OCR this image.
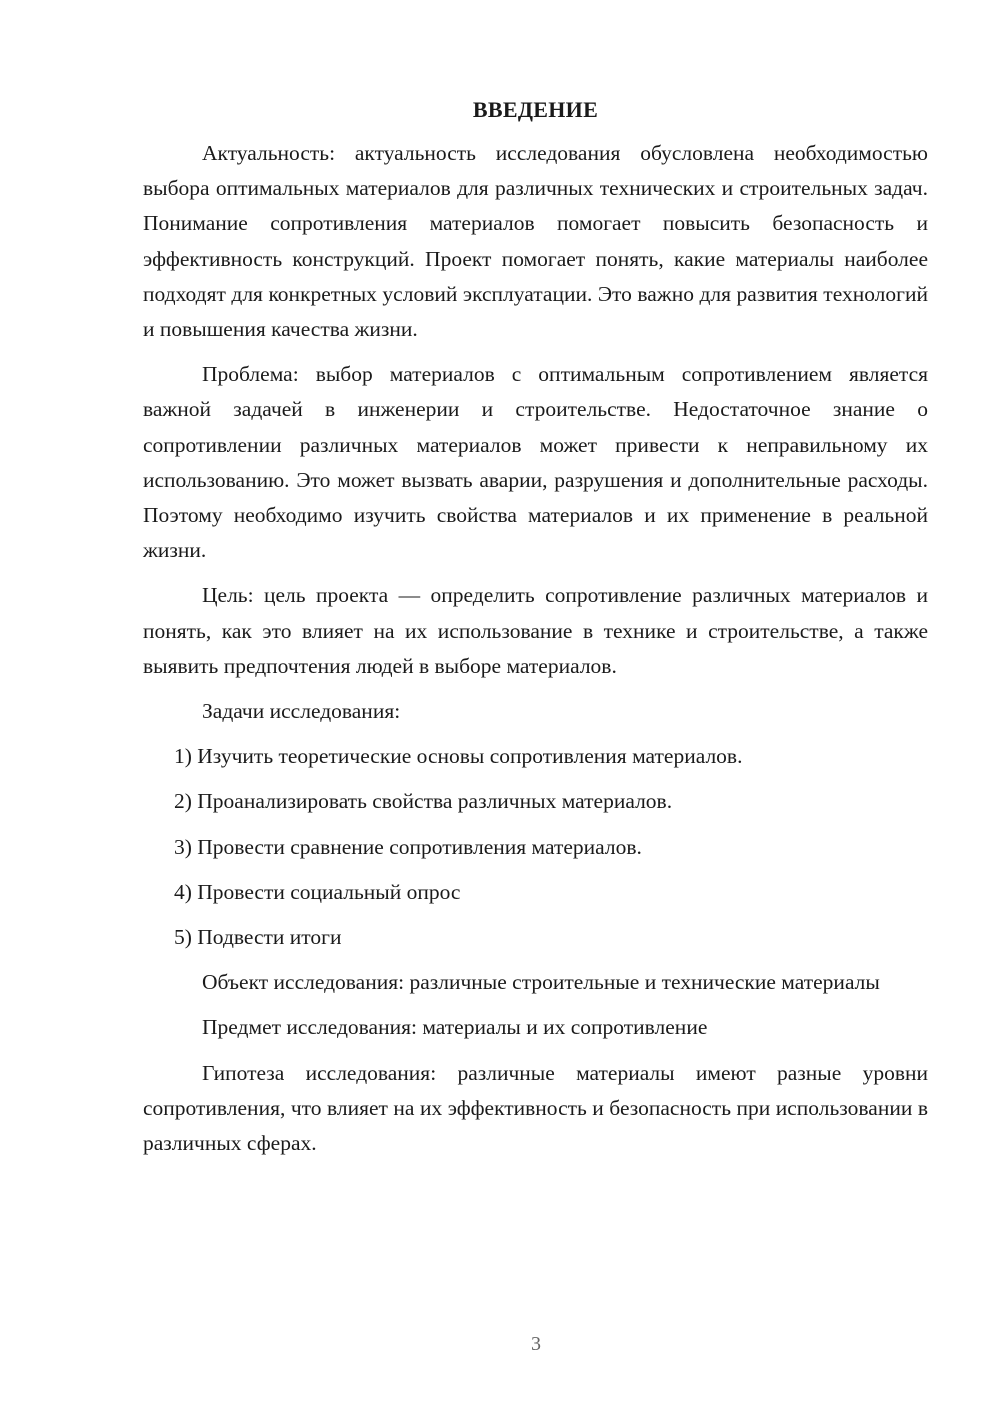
ВВЕДЕНИЕ

Актуальность: актуальность исследования обусловлена необходимостью выбора оптимальных материалов для различных технических и строительных задач. Понимание сопротивления материалов помогает повысить безопасность и эффективность конструкций. Проект помогает понять, какие материалы наиболее подходят для конкретных условий эксплуатации. Это важно для развития технологий и повышения качества жизни.

Проблема: выбор материалов с оптимальным сопротивлением является важной задачей в инженерии и строительстве. Недостаточное знание о сопротивлении различных материалов может привести к неправильному их использованию. Это может вызвать аварии, разрушения и дополнительные расходы. Поэтому необходимо изучить свойства материалов и их применение в реальной жизни.

Цель: цель проекта — определить сопротивление различных материалов и понять, как это влияет на их использование в технике и строительстве, а также выявить предпочтения людей в выборе материалов.

Задачи исследования:

1) Изучить теоретические основы сопротивления материалов.

2) Проанализировать свойства различных материалов.

3) Провести сравнение сопротивления материалов.

4) Провести социальный опрос

5) Подвести итоги

Объект исследования: различные строительные и технические материалы

Предмет исследования: материалы и их сопротивление

Гипотеза исследования: различные материалы имеют разные уровни сопротивления, что влияет на их эффективность и безопасность при использовании в различных сферах.

3
